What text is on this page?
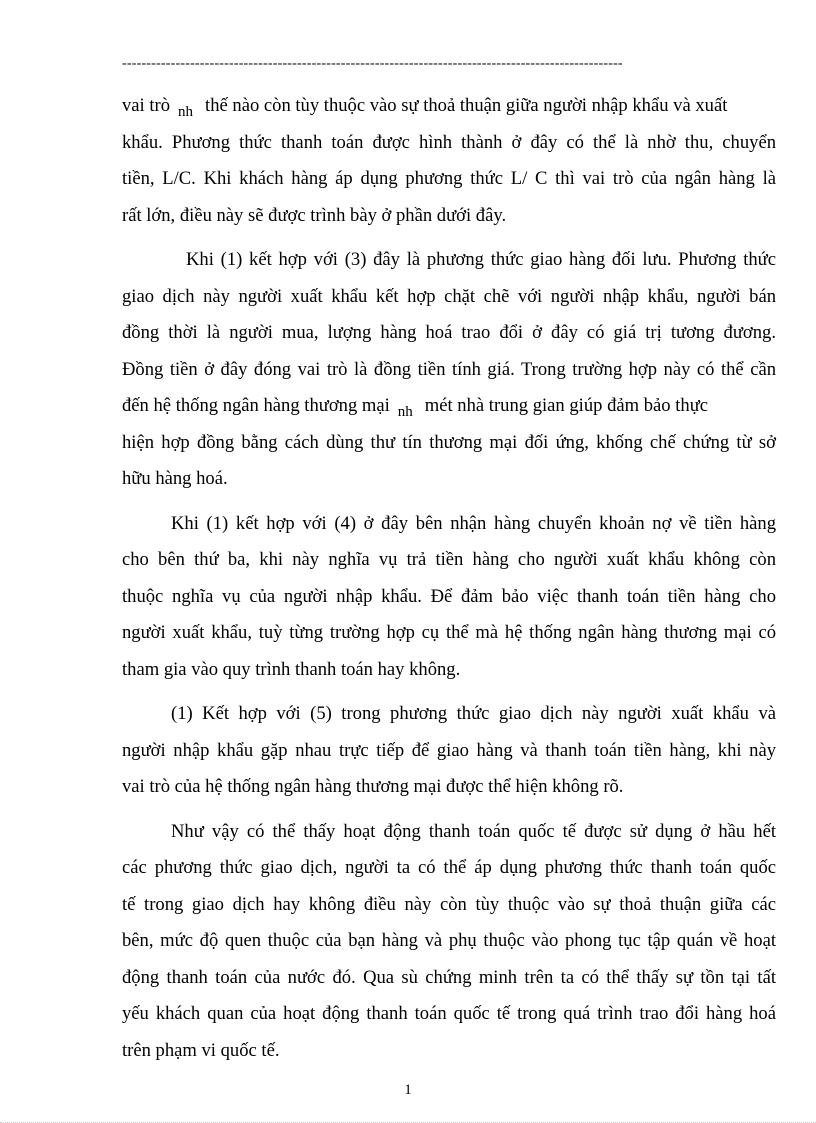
-------------------------------------------------------------------------------------------------------
vai trò $_{nh}$ thế nào còn tùy thuộc vào sự thoả thuận giữa người nhập khẩu và xuất
khẩu. Phương thức thanh toán được hình thành ở đây có thể là nhờ thu, chuyển
tiền, L/C. Khi khách hàng áp dụng phương thức L/ C thì vai trò của ngân hàng là
rất lớn, điều này sẽ được trình bày ở phần dưới đây.
Khi (1) kết hợp với (3) đây là phương thức giao hàng đối lưu. Phương thức
giao dịch này người xuất khẩu kết hợp chặt chẽ với người nhập khẩu, người bán
đồng thời là người mua, lượng hàng hoá trao đổi ở đây có giá trị tương đương.
Đồng tiền ở đây đóng vai trò là đồng tiền tính giá. Trong trường hợp này có thể cần
đến hệ thống ngân hàng thương mại $_{nh}$ mét nhà trung gian giúp đảm bảo thực
hiện hợp đồng bằng cách dùng thư tín thương mại đối ứng, khống chế chứng từ sở
hữu hàng hoá.
Khi (1) kết hợp với (4) ở đây bên nhận hàng chuyển khoản nợ về tiền hàng
cho bên thứ ba, khi này nghĩa vụ trả tiền hàng cho người xuất khẩu không còn
thuộc nghĩa vụ của người nhập khẩu. Để đảm bảo việc thanh toán tiền hàng cho
người xuất khẩu, tuỳ từng trường hợp cụ thể mà hệ thống ngân hàng thương mại có
tham gia vào quy trình thanh toán hay không.
(1) Kết hợp với (5) trong phương thức giao dịch này người xuất khẩu và
người nhập khẩu gặp nhau trực tiếp để giao hàng và thanh toán tiền hàng, khi này
vai trò của hệ thống ngân hàng thương mại được thể hiện không rõ.
Như vậy có thể thấy hoạt động thanh toán quốc tế được sử dụng ở hầu hết
các phương thức giao dịch, người ta có thể áp dụng phương thức thanh toán quốc
tế trong giao dịch hay không điều này còn tùy thuộc vào sự thoả thuận giữa các
bên, mức độ quen thuộc của bạn hàng và phụ thuộc vào phong tục tập quán về hoạt
động thanh toán của nước đó. Qua sù chứng minh trên ta có thể thấy sự tồn tại tất
yếu khách quan của hoạt động thanh toán quốc tế trong quá trình trao đổi hàng hoá
trên phạm vi quốc tế.
1
